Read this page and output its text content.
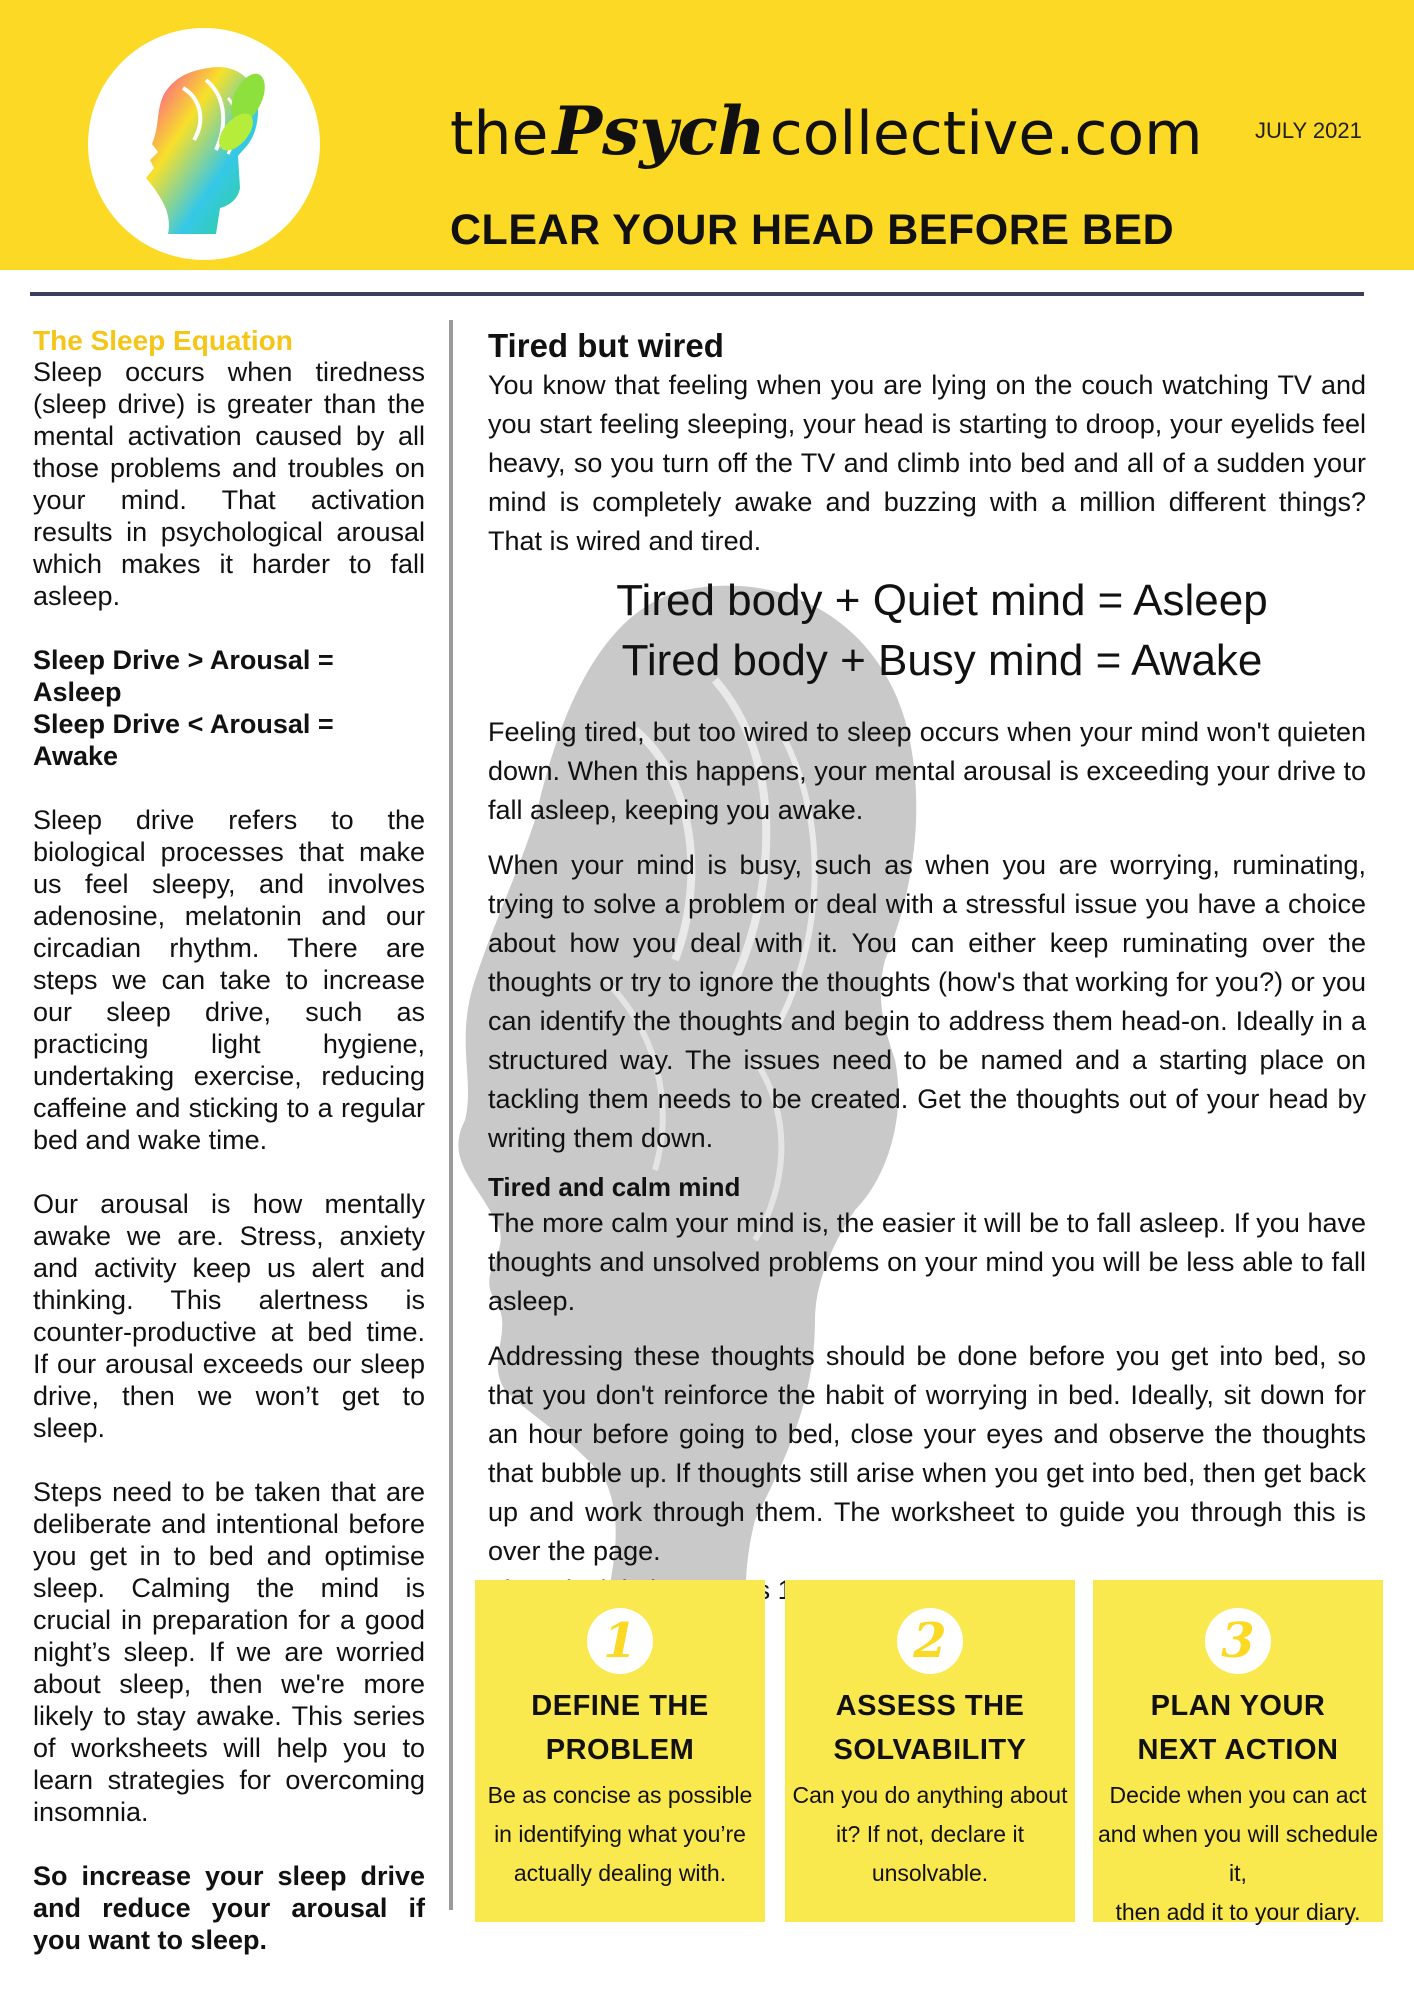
thePsychcollective.com JULY 2021
CLEAR YOUR HEAD BEFORE BED
The Sleep Equation

Sleep occurs when tiredness (sleep drive) is greater than the mental activation caused by all those problems and troubles on your mind. That activation results in psychological arousal which makes it harder to fall asleep.

Sleep Drive > Arousal = Asleep
Sleep Drive < Arousal = Awake

Sleep drive refers to the biological processes that make us feel sleepy, and involves adenosine, melatonin and our circadian rhythm. There are steps we can take to increase our sleep drive, such as practicing light hygiene, undertaking exercise, reducing caffeine and sticking to a regular bed and wake time.

Our arousal is how mentally awake we are. Stress, anxiety and activity keep us alert and thinking. This alertness is counter-productive at bed time. If our arousal exceeds our sleep drive, then we won’t get to sleep.

Steps need to be taken that are deliberate and intentional before you get in to bed and optimise sleep. Calming the mind is crucial in preparation for a good night’s sleep. If we are worried about sleep, then we're more likely to stay awake. This series of worksheets will help you to learn strategies for overcoming insomnia.

So increase your sleep drive and reduce your arousal if you want to sleep.

Tired but wired

You know that feeling when you are lying on the couch watching TV and you start feeling sleeping, your head is starting to droop, your eyelids feel heavy, so you turn off the TV and climb into bed and all of a sudden your mind is completely awake and buzzing with a million different things? That is wired and tired.

Tired body + Quiet mind = Asleep
Tired body + Busy mind = Awake

Feeling tired, but too wired to sleep occurs when your mind won't quieten down. When this happens, your mental arousal is exceeding your drive to fall asleep, keeping you awake.

When your mind is busy, such as when you are worrying, ruminating, trying to solve a problem or deal with a stressful issue you have a choice about how you deal with it. You can either keep ruminating over the thoughts or try to ignore the thoughts (how's that working for you?) or you can identify the thoughts and begin to address them head-on. Ideally in a structured way. The issues need to be named and a starting place on tackling them needs to be created. Get the thoughts out of your head by writing them down.

Tired and calm mind

The more calm your mind is, the easier it will be to fall asleep. If you have thoughts and unsolved problems on your mind you will be less able to fall asleep.

Addressing these thoughts should be done before you get into bed, so that you don't reinforce the habit of worrying in bed. Ideally, sit down for an hour before going to bed, close your eyes and observe the thoughts that bubble up. If thoughts still arise when you get into bed, then get back up and work through them. The worksheet to guide you through this is over the page.

1
DEFINE THE
PROBLEM
Be as concise as possible
in identifying what you’re
actually dealing with.
2
ASSESS THE
SOLVABILITY
Can you do anything about
it? If not, declare it
unsolvable.
3
PLAN YOUR
NEXT ACTION
Decide when you can act
and when you will schedule it,
then add it to your diary.
